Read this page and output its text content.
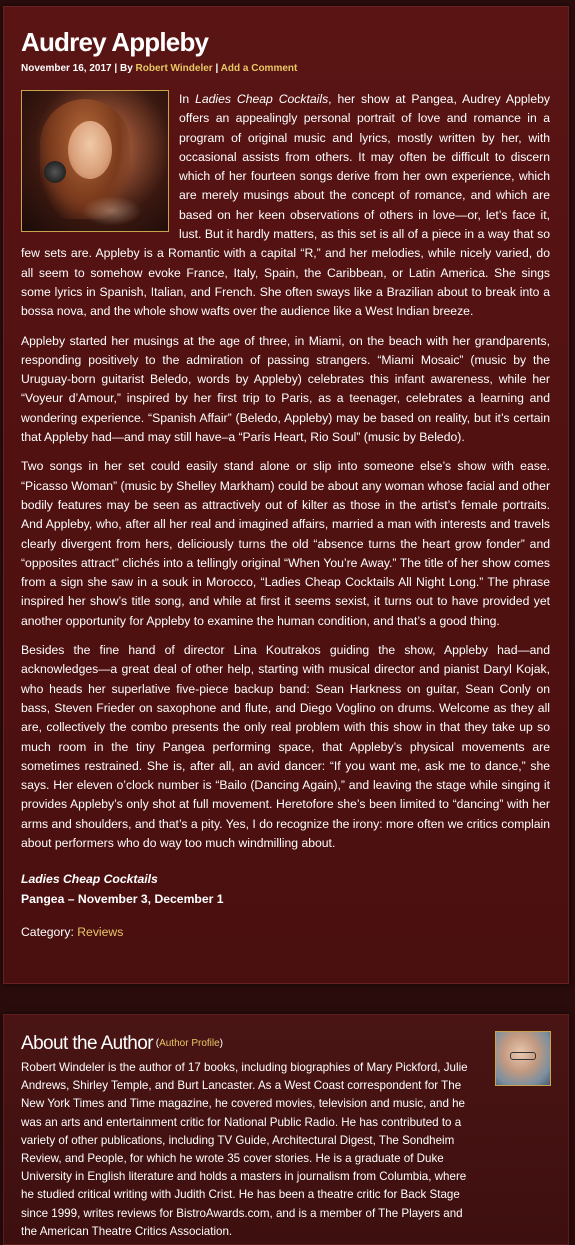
Audrey Appleby
November 16, 2017 | By Robert Windeler | Add a Comment

In Ladies Cheap Cocktails, her show at Pangea, Audrey Appleby offers an appealingly personal portrait of love and romance in a program of original music and lyrics, mostly written by her, with occasional assists from others. It may often be difficult to discern which of her fourteen songs derive from her own experience, which are merely musings about the concept of romance, and which are based on her keen observations of others in love—or, let’s face it, lust. But it hardly matters, as this set is all of a piece in a way that so few sets are. Appleby is a Romantic with a capital “R,” and her melodies, while nicely varied, do all seem to somehow evoke France, Italy, Spain, the Caribbean, or Latin America. She sings some lyrics in Spanish, Italian, and French. She often sways like a Brazilian about to break into a bossa nova, and the whole show wafts over the audience like a West Indian breeze.

Appleby started her musings at the age of three, in Miami, on the beach with her grandparents, responding positively to the admiration of passing strangers. “Miami Mosaic” (music by the Uruguay-born guitarist Beledo, words by Appleby) celebrates this infant awareness, while her “Voyeur d’Amour,” inspired by her first trip to Paris, as a teenager, celebrates a learning and wondering experience. “Spanish Affair” (Beledo, Appleby) may be based on reality, but it’s certain that Appleby had—and may still have–a “Paris Heart, Rio Soul” (music by Beledo).

Two songs in her set could easily stand alone or slip into someone else’s show with ease. “Picasso Woman” (music by Shelley Markham) could be about any woman whose facial and other bodily features may be seen as attractively out of kilter as those in the artist’s female portraits. And Appleby, who, after all her real and imagined affairs, married a man with interests and travels clearly divergent from hers, deliciously turns the old “absence turns the heart grow fonder” and “opposites attract” clichés into a tellingly original “When You’re Away.” The title of her show comes from a sign she saw in a souk in Morocco, “Ladies Cheap Cocktails All Night Long.” The phrase inspired her show’s title song, and while at first it seems sexist, it turns out to have provided yet another opportunity for Appleby to examine the human condition, and that’s a good thing.

Besides the fine hand of director Lina Koutrakos guiding the show, Appleby had—and acknowledges—a great deal of other help, starting with musical director and pianist Daryl Kojak, who heads her superlative five-piece backup band: Sean Harkness on guitar, Sean Conly on bass, Steven Frieder on saxophone and flute, and Diego Voglino on drums. Welcome as they all are, collectively the combo presents the only real problem with this show in that they take up so much room in the tiny Pangea performing space, that Appleby’s physical movements are sometimes restrained. She is, after all, an avid dancer: “If you want me, ask me to dance,” she says. Her eleven o’clock number is “Bailo (Dancing Again),” and leaving the stage while singing it provides Appleby’s only shot at full movement. Heretofore she’s been limited to “dancing” with her arms and shoulders, and that’s a pity. Yes, I do recognize the irony: more often we critics complain about performers who do way too much windmilling about.

Ladies Cheap Cocktails
Pangea – November 3, December 1
Category: Reviews
About the Author (Author Profile)
Robert Windeler is the author of 17 books, including biographies of Mary Pickford, Julie Andrews, Shirley Temple, and Burt Lancaster. As a West Coast correspondent for The New York Times and Time magazine, he covered movies, television and music, and he was an arts and entertainment critic for National Public Radio. He has contributed to a variety of other publications, including TV Guide, Architectural Digest, The Sondheim Review, and People, for which he wrote 35 cover stories. He is a graduate of Duke University in English literature and holds a masters in journalism from Columbia, where he studied critical writing with Judith Crist. He has been a theatre critic for Back Stage since 1999, writes reviews for BistroAwards.com, and is a member of The Players and the American Theatre Critics Association.
